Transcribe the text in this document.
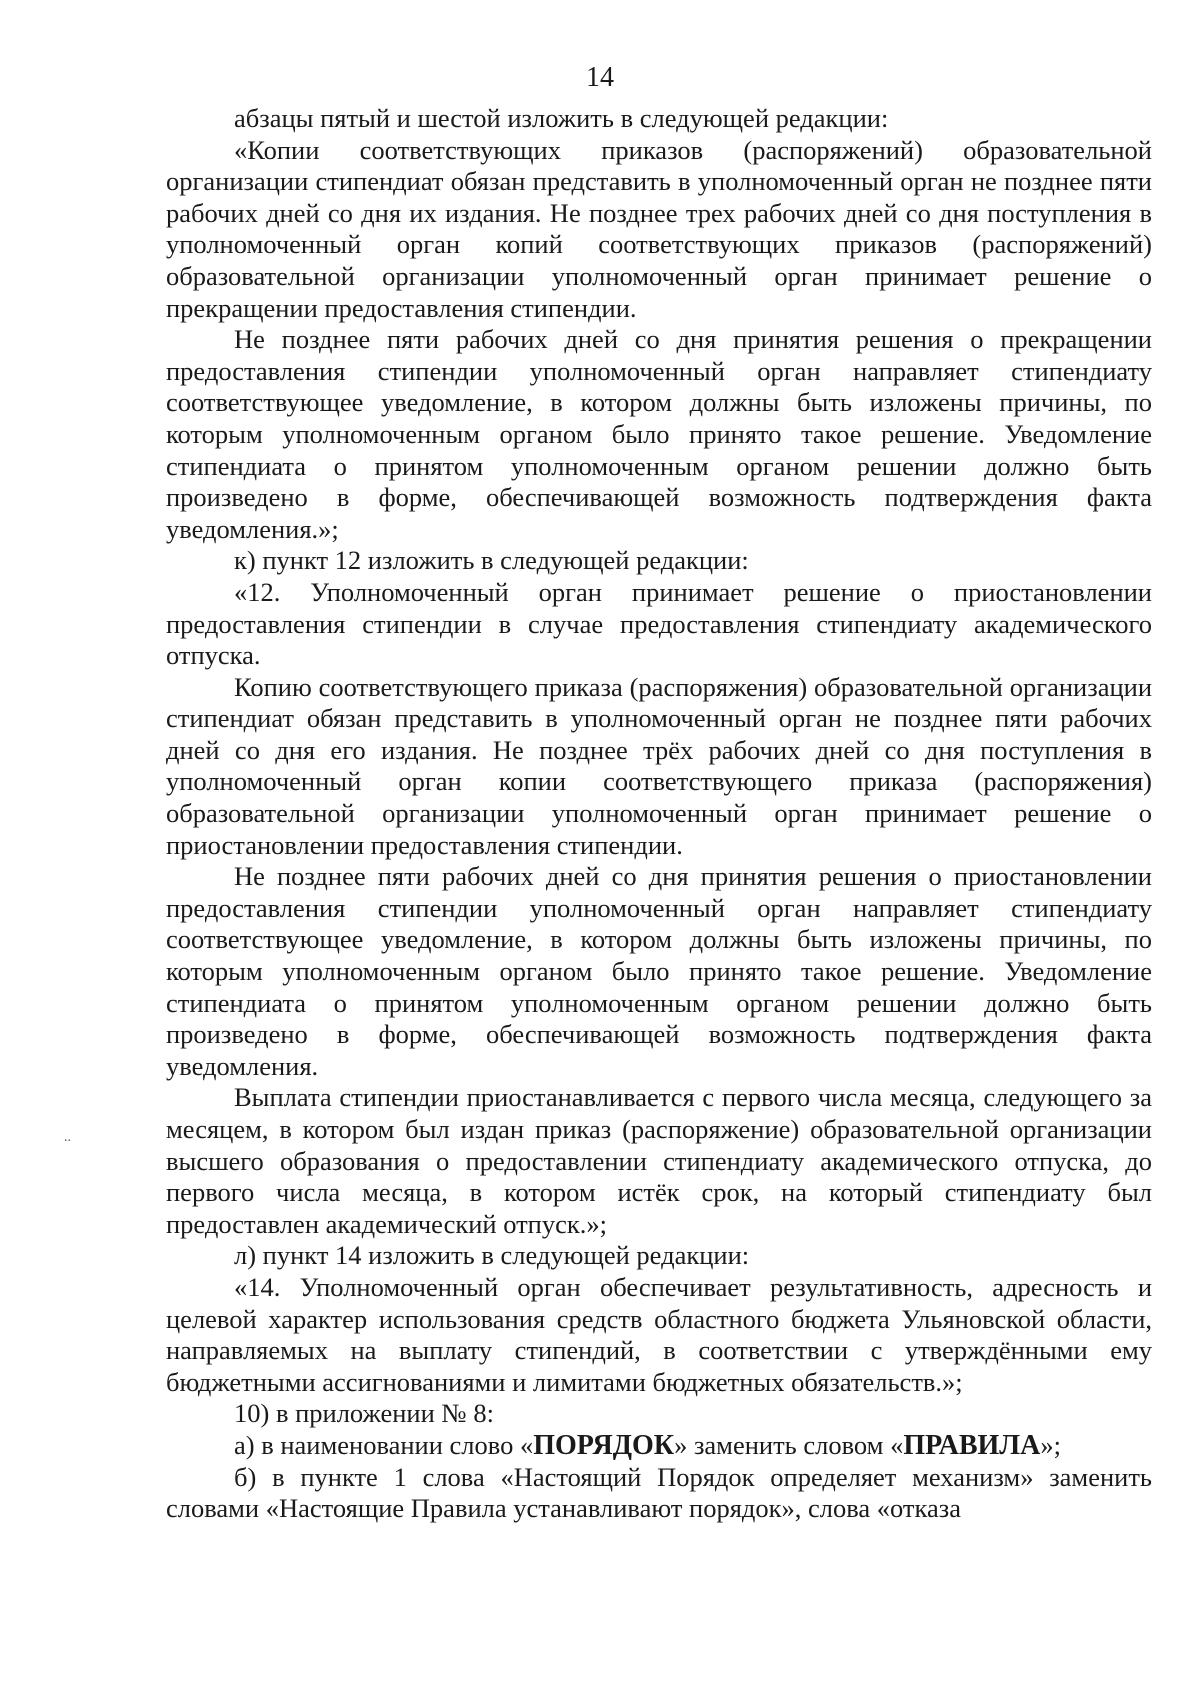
14
..

абзацы пятый и шестой изложить в следующей редакции:

«Копии соответствующих приказов (распоряжений) образовательной организации стипендиат обязан представить в уполномоченный орган не позднее пяти рабочих дней со дня их издания. Не позднее трех рабочих дней со дня поступления в уполномоченный орган копий соответствующих приказов (распоряжений) образовательной организации уполномоченный орган принимает решение о прекращении предоставления стипендии.

Не позднее пяти рабочих дней со дня принятия решения о прекращении предоставления стипендии уполномоченный орган направляет стипендиату соответствующее уведомление, в котором должны быть изложены причины, по которым уполномоченным органом было принято такое решение. Уведомление стипендиата о принятом уполномоченным органом решении должно быть произведено в форме, обеспечивающей возможность подтверждения факта уведомления.»;

к) пункт 12 изложить в следующей редакции:

«12. Уполномоченный орган принимает решение о приостановлении предоставления стипендии в случае предоставления стипендиату академического отпуска.

Копию соответствующего приказа (распоряжения) образовательной организации стипендиат обязан представить в уполномоченный орган не позднее пяти рабочих дней со дня его издания. Не позднее трёх рабочих дней со дня поступления в уполномоченный орган копии соответствующего приказа (распоряжения) образовательной организации уполномоченный орган принимает решение о приостановлении предоставления стипендии.

Не позднее пяти рабочих дней со дня принятия решения о приостановлении предоставления стипендии уполномоченный орган направляет стипендиату соответствующее уведомление, в котором должны быть изложены причины, по которым уполномоченным органом было принято такое решение. Уведомление стипендиата о принятом уполномоченным органом решении должно быть произведено в форме, обеспечивающей возможность подтверждения факта уведомления.

Выплата стипендии приостанавливается с первого числа месяца, следующего за месяцем, в котором был издан приказ (распоряжение) образовательной организации высшего образования о предоставлении стипендиату академического отпуска, до первого числа месяца, в котором истёк срок, на который стипендиату был предоставлен академический отпуск.»;

л) пункт 14 изложить в следующей редакции:

«14. Уполномоченный орган обеспечивает результативность, адресность и целевой характер использования средств областного бюджета Ульяновской области, направляемых на выплату стипендий, в соответствии с утверждёнными ему бюджетными ассигнованиями и лимитами бюджетных обязательств.»;

10) в приложении № 8:

а) в наименовании слово «ПОРЯДОК» заменить словом «ПРАВИЛА»;

б) в пункте 1 слова «Настоящий Порядок определяет механизм» заменить словами «Настоящие Правила устанавливают порядок», слова «отказа
